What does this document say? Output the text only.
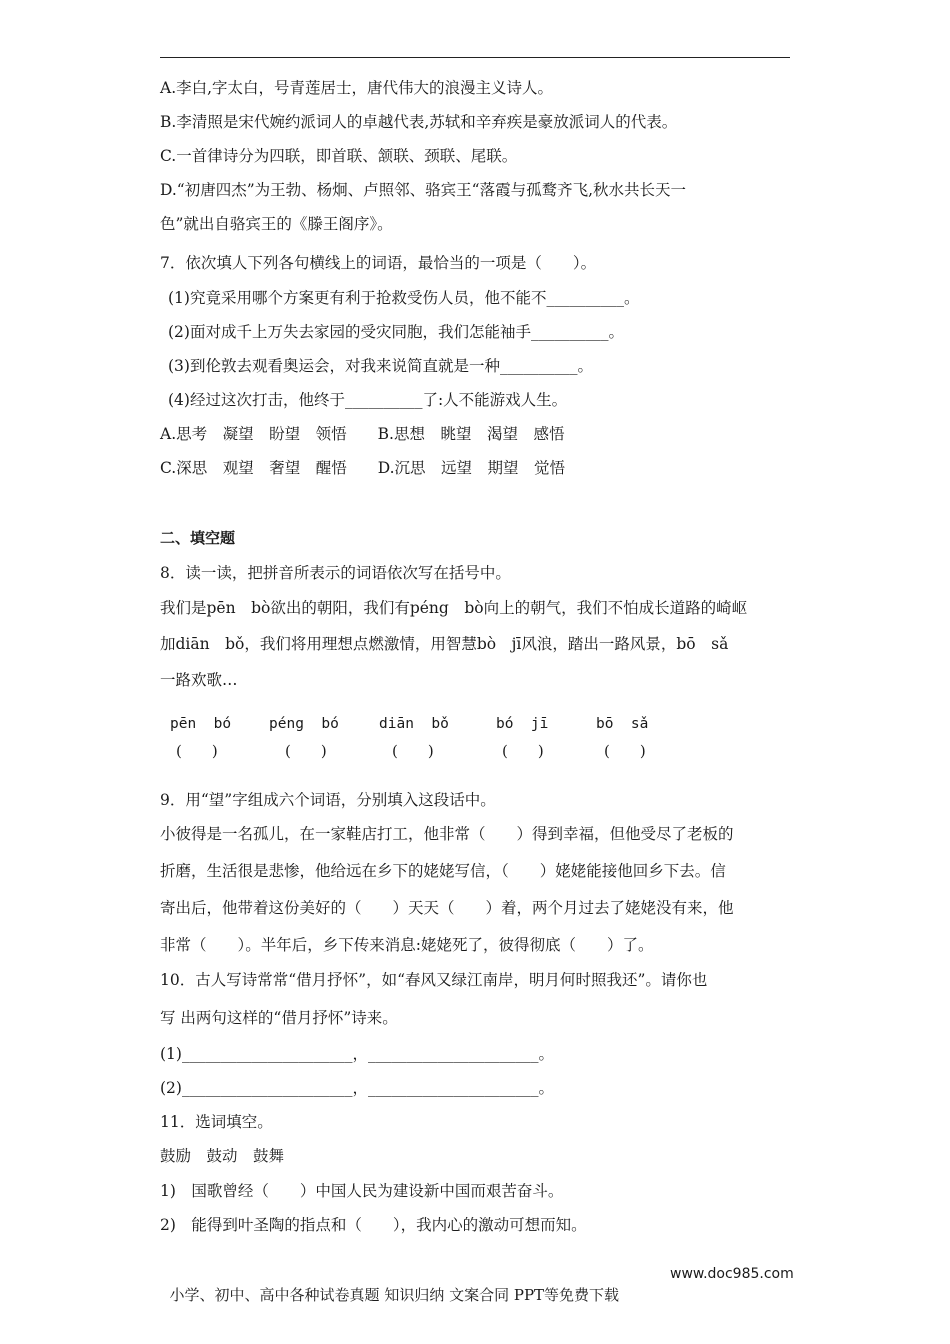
A.李白,字太白，号青莲居士，唐代伟大的浪漫主义诗人。
B.李清照是宋代婉约派词人的卓越代表,苏轼和辛弃疾是豪放派词人的代表。
C.一首律诗分为四联，即首联、颔联、颈联、尾联。
D.“初唐四杰”为王勃、杨炯、卢照邻、骆宾王“落霞与孤鹜齐飞,秋水共长天一
色”就出自骆宾王的《滕王阁序》。
7．依次填人下列各句横线上的词语，最恰当的一项是（　　）。
(1)究竟采用哪个方案更有利于抢救受伤人员，他不能不__________。
(2)面对成千上万失去家园的受灾同胞，我们怎能袖手__________。
(3)到伦敦去观看奥运会，对我来说简直就是一种__________。
(4)经过这次打击，他终于__________了:人不能游戏人生。
A.思考　凝望　盼望　领悟　　B.思想　眺望　渴望　感悟
C.深思　观望　奢望　醒悟　　D.沉思　远望　期望　觉悟
二、填空题
8．读一读，把拼音所表示的词语依次写在括号中。
我们是pēn　bò欲出的朝阳，我们有péng　bò向上的朝气，我们不怕成长道路的崎岖
加diān　bǒ，我们将用理想点燃激情，用智慧bò　jī风浪，踏出一路风景，bō　sǎ
一路欢歌…
pēn  bó	péng  bó	diān  bǒ	bó  jī	bō  sǎ
(　　)	(　　)	(　　)	(　　)	(　　)
9．用“望”字组成六个词语，分别填入这段话中。
小彼得是一名孤儿，在一家鞋店打工，他非常（　　）得到幸福，但他受尽了老板的
折磨，生活很是悲惨，他给远在乡下的姥姥写信，（　　）姥姥能接他回乡下去。信
寄出后，他带着这份美好的（　　）天天（　　）着，两个月过去了姥姥没有来，他
非常（　　）。半年后，乡下传来消息:姥姥死了，彼得彻底（　　）了。
10．古人写诗常常“借月抒怀”，如“春风又绿江南岸，明月何时照我还”。请你也
写 出两句这样的“借月抒怀”诗来。
(1)______________________，______________________。
(2)______________________，______________________。
11．选词填空。
鼓励　鼓动　鼓舞
1)　国歌曾经（　　）中国人民为建设新中国而艰苦奋斗。
2)　能得到叶圣陶的指点和（　　），我内心的激动可想而知。

小学、初中、高中各种试卷真题 知识归纳 文案合同 PPT等免费下载

www.doc985.com
